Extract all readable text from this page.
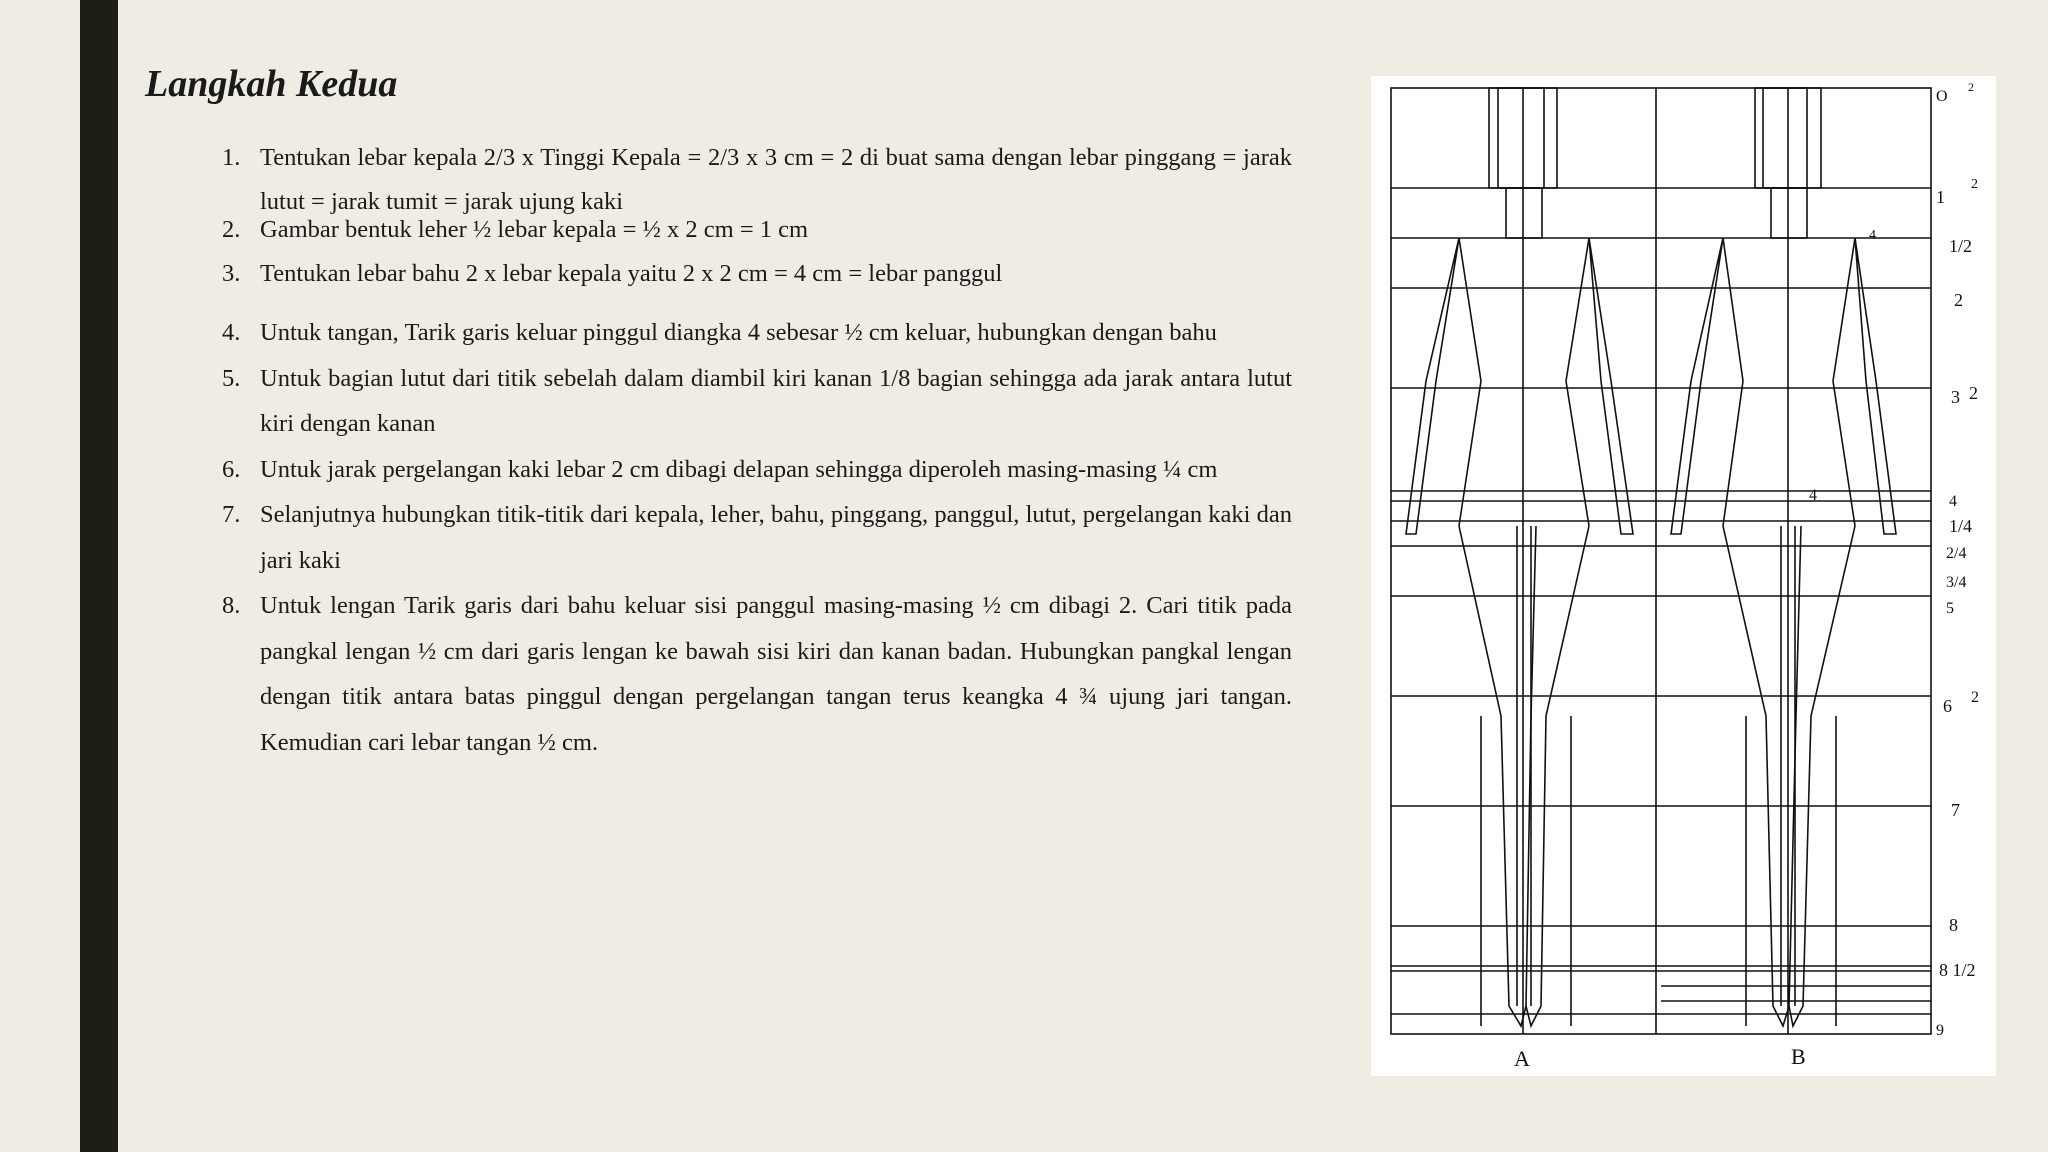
Langkah Kedua
1. Tentukan lebar kepala 2/3 x Tinggi Kepala = 2/3 x 3 cm = 2 di buat sama dengan lebar pinggang = jarak lutut = jarak tumit = jarak ujung kaki
2. Gambar bentuk leher ½ lebar kepala = ½ x 2 cm = 1 cm
3. Tentukan lebar bahu 2 x lebar kepala yaitu 2 x 2 cm = 4 cm = lebar panggul
4. Untuk tangan, Tarik garis keluar pinggul diangka 4 sebesar ½ cm keluar, hubungkan dengan bahu
5. Untuk bagian lutut dari titik sebelah dalam diambil kiri kanan 1/8 bagian sehingga ada jarak antara lutut kiri dengan kanan
6. Untuk jarak pergelangan kaki lebar 2 cm dibagi delapan sehingga diperoleh masing-masing ¼ cm
7. Selanjutnya hubungkan titik-titik dari kepala, leher, bahu, pinggang, panggul, lutut, pergelangan kaki dan jari kaki
8. Untuk lengan Tarik garis dari bahu keluar sisi panggul masing-masing ½ cm dibagi 2. Cari titik pada pangkal lengan ½ cm dari garis lengan ke bawah sisi kiri dan kanan badan. Hubungkan pangkal lengan dengan titik antara batas pinggul dengan pergelangan tangan terus keangka 4 ¾ ujung jari tangan. Kemudian cari lebar tangan ½ cm.
O
1
1/2
2
3
4
1/4
2/4
3/4
5
6
7
8
8 1/2
9
2
2
2
2
4
4
A	B
